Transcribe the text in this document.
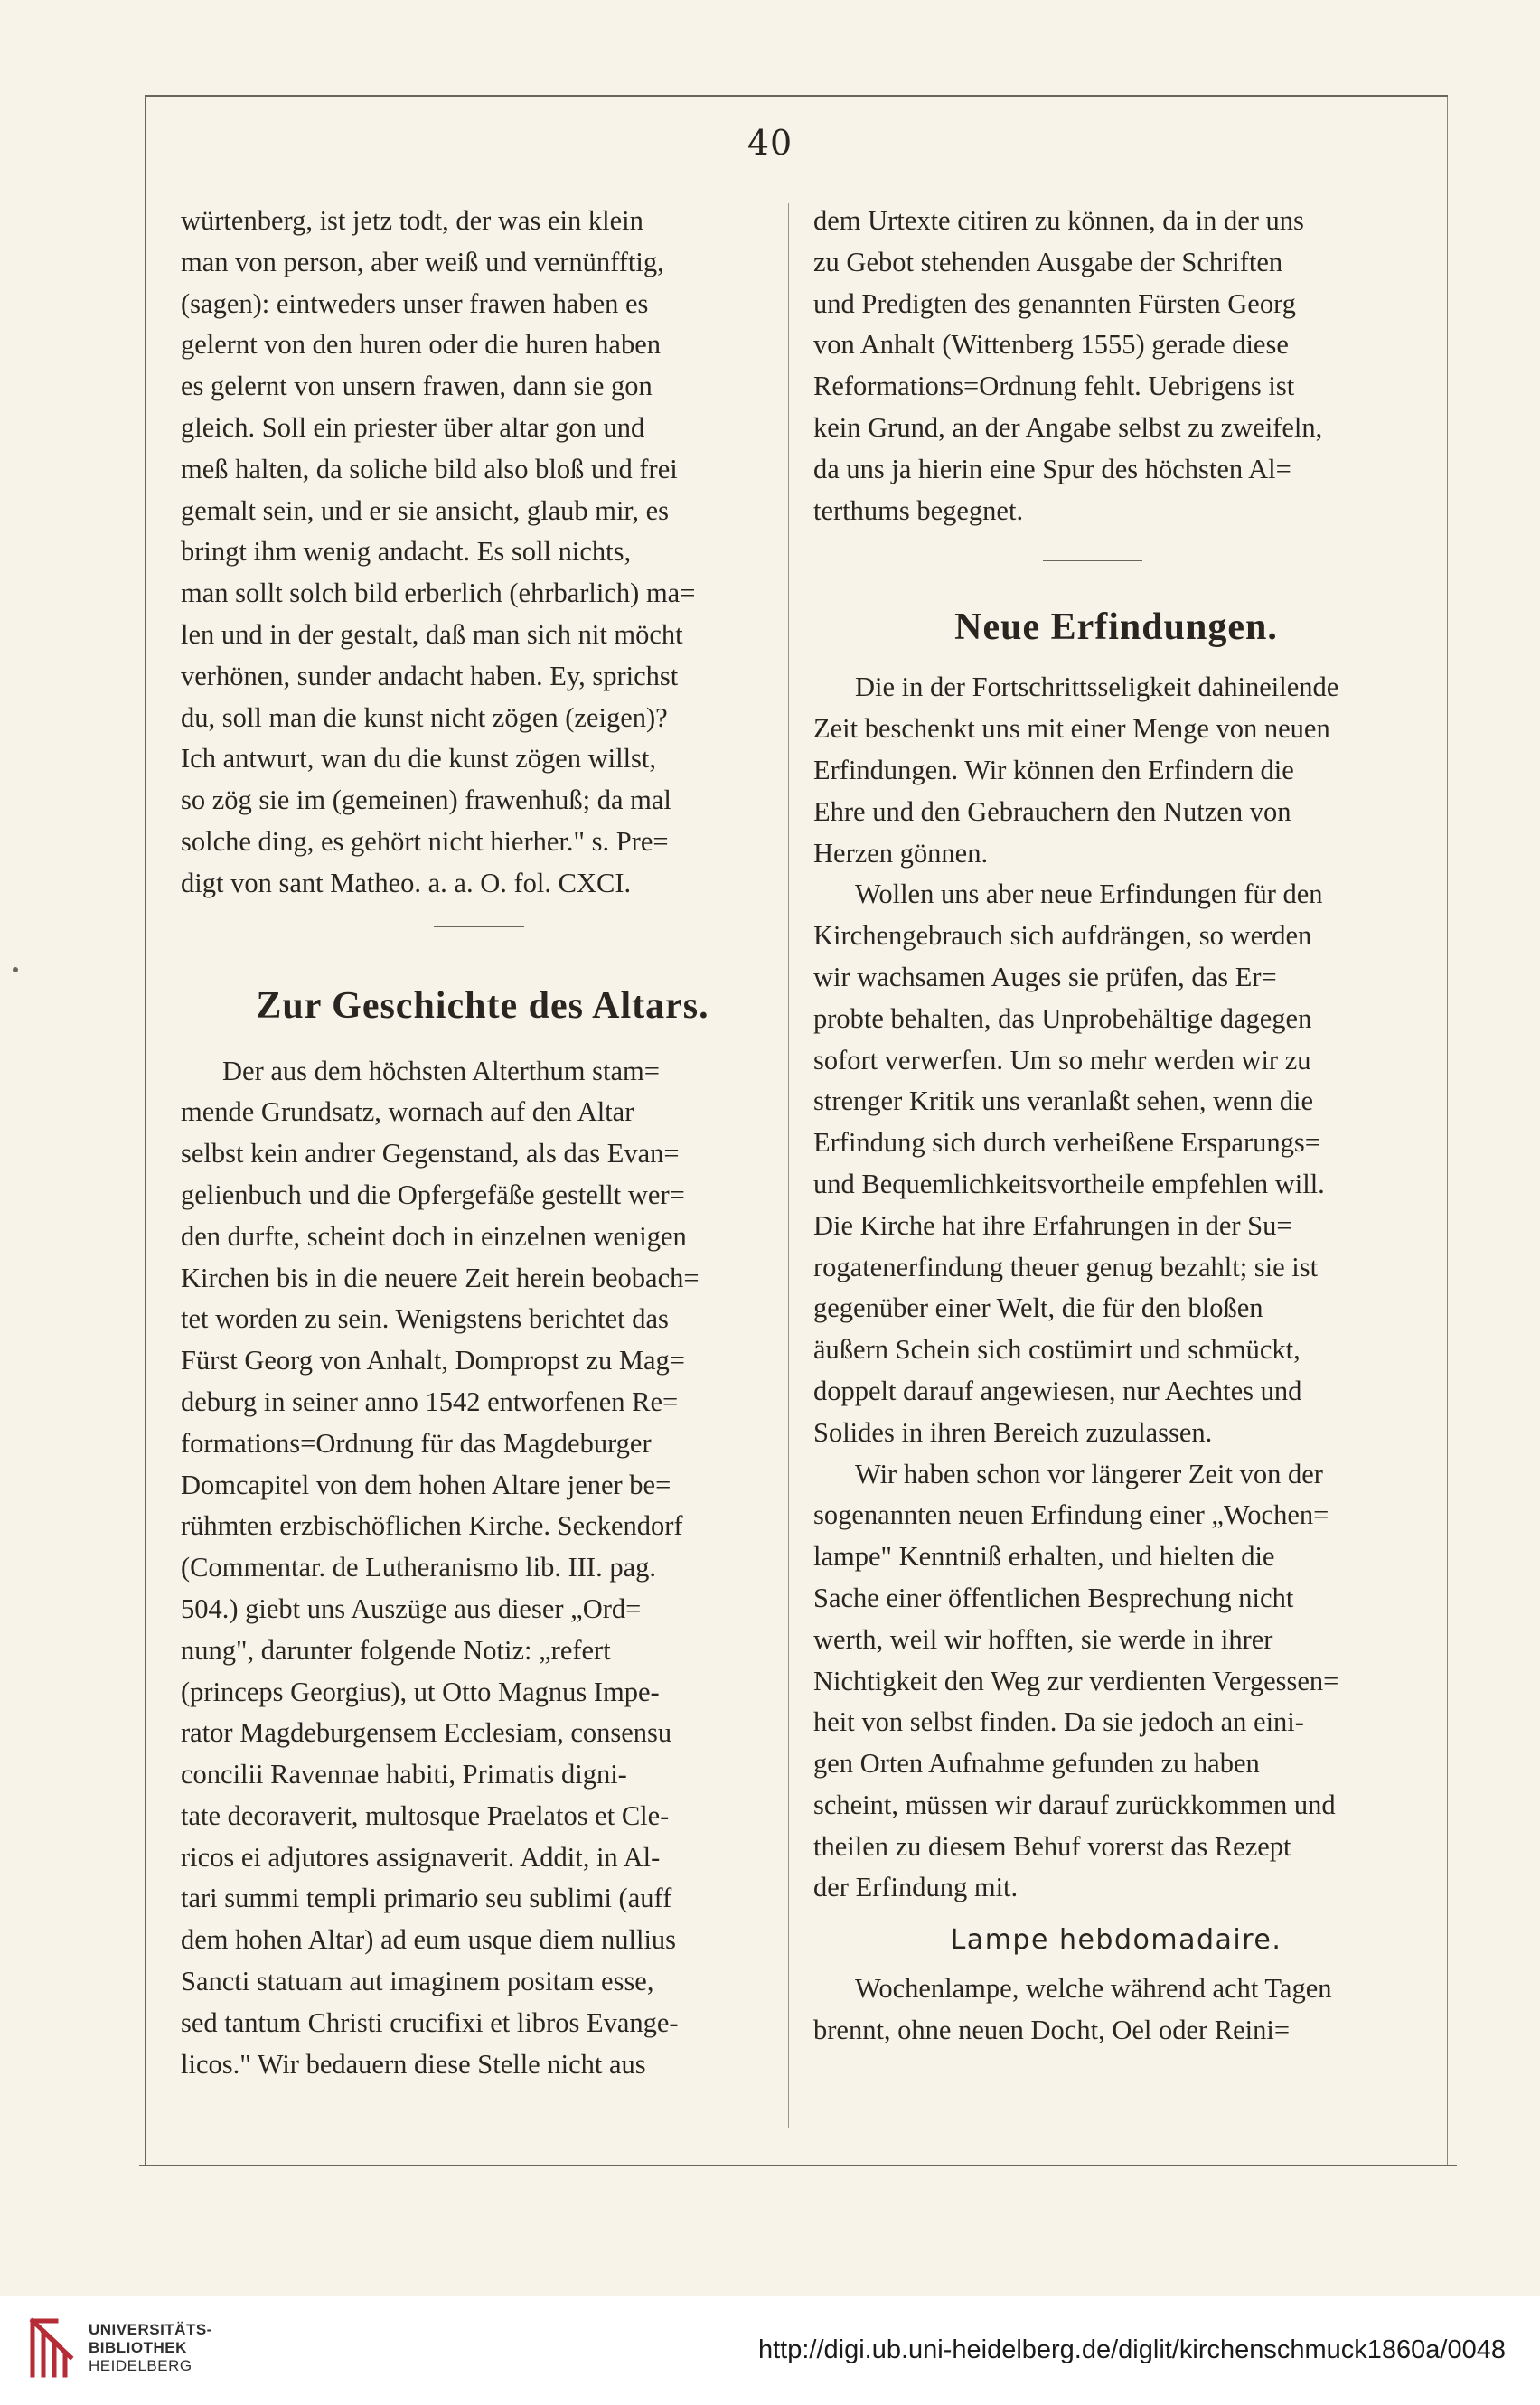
40

würtenberg, ist jetz todt, der was ein klein
man von person, aber weiß und vernünfftig,
(sagen): eintweders unser frawen haben es
gelernt von den huren oder die huren haben
es gelernt von unsern frawen, dann sie gon
gleich. Soll ein priester über altar gon und
meß halten, da soliche bild also bloß und frei
gemalt sein, und er sie ansicht, glaub mir, es
bringt ihm wenig andacht. Es soll nichts,
man sollt solch bild erberlich (ehrbarlich) ma=
len und in der gestalt, daß man sich nit möcht
verhönen, sunder andacht haben. Ey, sprichst
du, soll man die kunst nicht zögen (zeigen)?
Ich antwurt, wan du die kunst zögen willst,
so zög sie im (gemeinen) frawenhuß; da mal
solche ding, es gehört nicht hierher." s. Pre=
digt von sant Matheo. a. a. O. fol. CXCI.

Zur Geschichte des Altars.

Der aus dem höchsten Alterthum stam=
mende Grundsatz, wornach auf den Altar
selbst kein andrer Gegenstand, als das Evan=
gelienbuch und die Opfergefäße gestellt wer=
den durfte, scheint doch in einzelnen wenigen
Kirchen bis in die neuere Zeit herein beobach=
tet worden zu sein. Wenigstens berichtet das
Fürst Georg von Anhalt, Dompropst zu Mag=
deburg in seiner anno 1542 entworfenen Re=
formations=Ordnung für das Magdeburger
Domcapitel von dem hohen Altare jener be=
rühmten erzbischöflichen Kirche. Seckendorf
(Commentar. de Lutheranismo lib. III. pag.
504.) giebt uns Auszüge aus dieser „Ord=
nung", darunter folgende Notiz: „refert
(princeps Georgius), ut Otto Magnus Impe-
rator Magdeburgensem Ecclesiam, consensu
concilii Ravennae habiti, Primatis digni-
tate decoraverit, multosque Praelatos et Cle-
ricos ei adjutores assignaverit. Addit, in Al-
tari summi templi primario seu sublimi (auff
dem hohen Altar) ad eum usque diem nullius
Sancti statuam aut imaginem positam esse,
sed tantum Christi crucifixi et libros Evange-
licos." Wir bedauern diese Stelle nicht aus

dem Urtexte citiren zu können, da in der uns
zu Gebot stehenden Ausgabe der Schriften
und Predigten des genannten Fürsten Georg
von Anhalt (Wittenberg 1555) gerade diese
Reformations=Ordnung fehlt. Uebrigens ist
kein Grund, an der Angabe selbst zu zweifeln,
da uns ja hierin eine Spur des höchsten Al=
terthums begegnet.

Neue Erfindungen.

Die in der Fortschrittsseligkeit dahineilende
Zeit beschenkt uns mit einer Menge von neuen
Erfindungen. Wir können den Erfindern die
Ehre und den Gebrauchern den Nutzen von
Herzen gönnen.

Wollen uns aber neue Erfindungen für den
Kirchengebrauch sich aufdrängen, so werden
wir wachsamen Auges sie prüfen, das Er=
probte behalten, das Unprobehältige dagegen
sofort verwerfen. Um so mehr werden wir zu
strenger Kritik uns veranlaßt sehen, wenn die
Erfindung sich durch verheißene Ersparungs=
und Bequemlichkeitsvortheile empfehlen will.
Die Kirche hat ihre Erfahrungen in der Su=
rogatenerfindung theuer genug bezahlt; sie ist
gegenüber einer Welt, die für den bloßen
äußern Schein sich costümirt und schmückt,
doppelt darauf angewiesen, nur Aechtes und
Solides in ihren Bereich zuzulassen.

Wir haben schon vor längerer Zeit von der
sogenannten neuen Erfindung einer „Wochen=
lampe" Kenntniß erhalten, und hielten die
Sache einer öffentlichen Besprechung nicht
werth, weil wir hofften, sie werde in ihrer
Nichtigkeit den Weg zur verdienten Vergessen=
heit von selbst finden. Da sie jedoch an eini-
gen Orten Aufnahme gefunden zu haben
scheint, müssen wir darauf zurückkommen und
theilen zu diesem Behuf vorerst das Rezept
der Erfindung mit.

Lampe hebdomadaire.

Wochenlampe, welche während acht Tagen
brennt, ohne neuen Docht, Oel oder Reini=

UNIVERSITÄTS-
BIBLIOTHEK
HEIDELBERG
http://digi.ub.uni-heidelberg.de/diglit/kirchenschmuck1860a/0048
